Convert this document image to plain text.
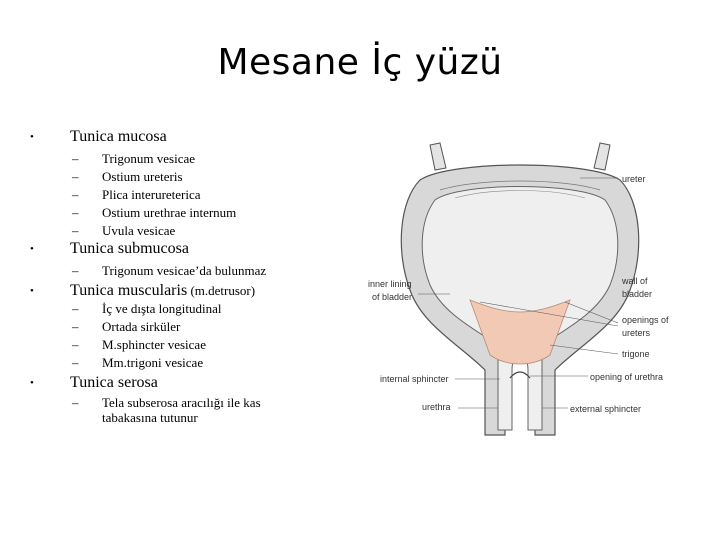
Mesane İç yüzü
• Tunica mucosa
– Trigonum vesicae
– Ostium ureteris
– Plica interureterica
– Ostium urethrae internum
– Uvula vesicae
• Tunica submucosa
– Trigonum vesicae’da bulunmaz
• Tunica muscularis (m.detrusor)
– İç ve dışta longitudinal
– Ortada sirküler
– M.sphincter vesicae
– Mm.trigoni vesicae
• Tunica serosa
– Tela subserosa aracılığı ile kas
tabakasına tutunur
ureter
inner lining
of bladder
wall of
bladder
openings of
ureters
trigone
internal sphincter	opening of urethra
urethra	external sphincter
